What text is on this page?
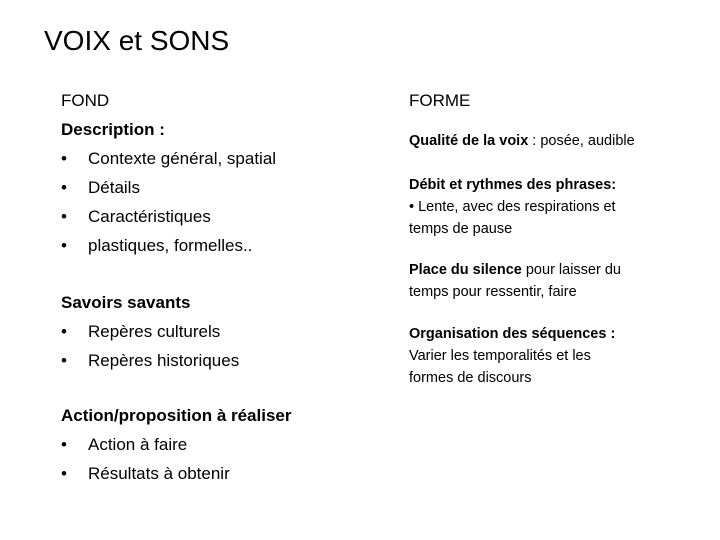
VOIX et SONS
FOND
Description :
•	Contexte général, spatial
•	Détails
•	Caractéristiques
•	plastiques, formelles..
Savoirs savants
•	Repères culturels
•	Repères historiques
Action/proposition à réaliser
•	Action à faire
•	Résultats à obtenir
FORME
Qualité de la voix : posée, audible
Débit et rythmes des phrases:
• Lente, avec des respirations et
temps de pause
Place du silence pour laisser du
temps pour ressentir, faire
Organisation des séquences :
Varier les temporalités et les
formes de discours
